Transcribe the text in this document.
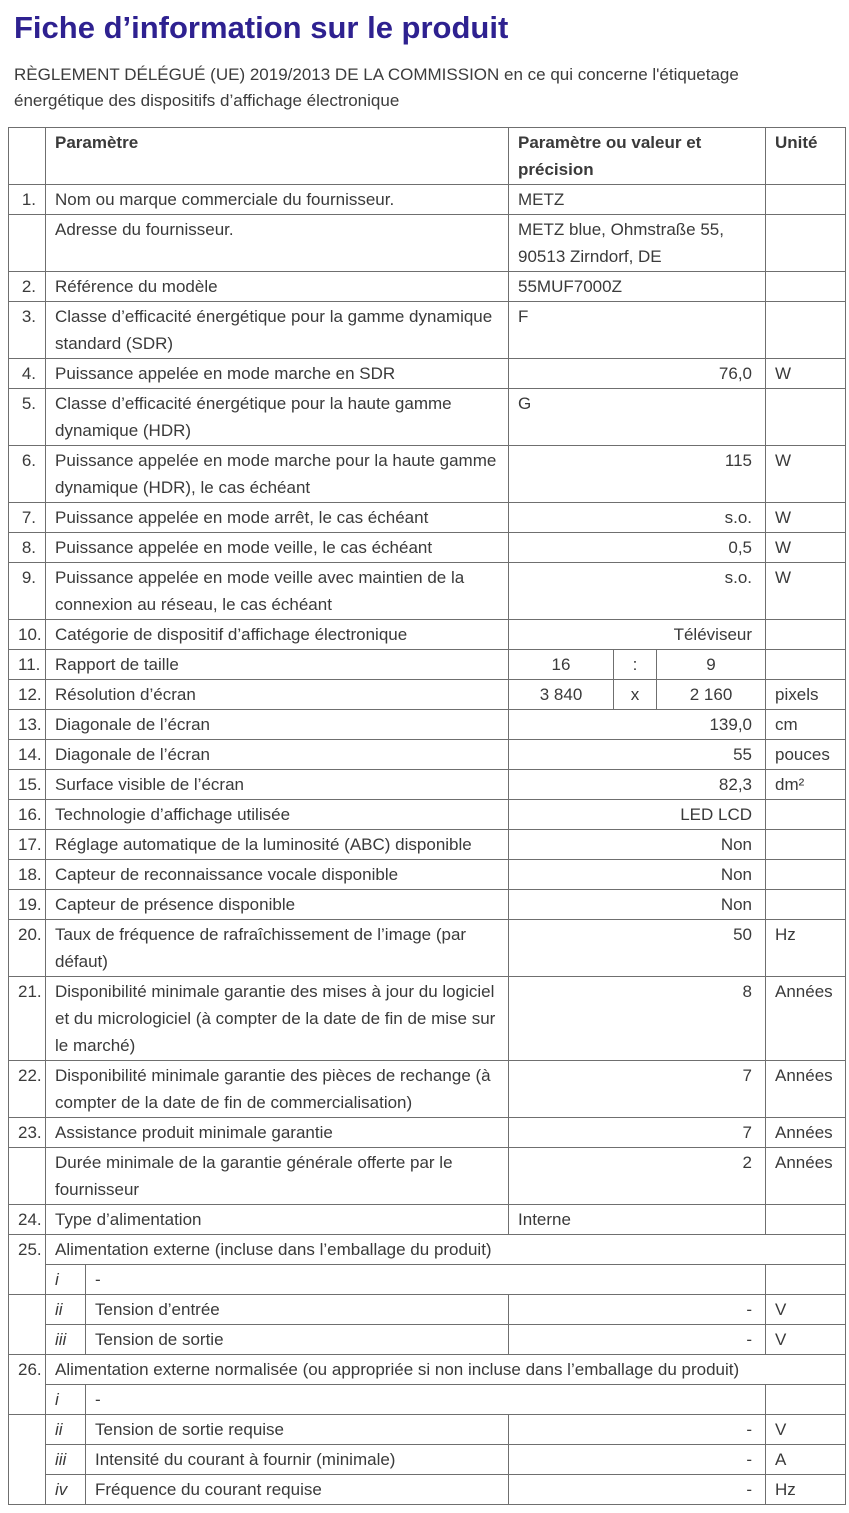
Fiche d’information sur le produit
RÈGLEMENT DÉLÉGUÉ (UE) 2019/2013 DE LA COMMISSION en ce qui concerne l'étiquetage énergétique des dispositifs d’affichage électronique
	Paramètre		Paramètre ou valeur et précision			Unité
1.	Nom ou marque commerciale du fournisseur.		METZ			
	Adresse du fournisseur.		METZ blue, Ohmstraße 55, 90513 Zirndorf, DE			
2.	Référence du modèle		55MUF7000Z			
3.	Classe d’efficacité énergétique pour la gamme dynamique standard (SDR)		F			
4.	Puissance appelée en mode marche en SDR		76,0			W
5.	Classe d’efficacité énergétique pour la haute gamme dynamique (HDR)		G			
6.	Puissance appelée en mode marche pour la haute gamme dynamique (HDR), le cas échéant		115			W
7.	Puissance appelée en mode arrêt, le cas échéant		s.o.			W
8.	Puissance appelée en mode veille, le cas échéant		0,5			W
9.	Puissance appelée en mode veille avec maintien de la connexion au réseau, le cas échéant		s.o.			W
10.	Catégorie de dispositif d’affichage électronique		Téléviseur			
11.	Rapport de taille		16	:	9	
12.	Résolution d’écran		3 840	x	2 160	pixels
13.	Diagonale de l’écran		139,0			cm
14.	Diagonale de l’écran		55			pouces
15.	Surface visible de l’écran		82,3			dm²
16.	Technologie d’affichage utilisée		LED LCD			
17.	Réglage automatique de la luminosité (ABC) disponible		Non			
18.	Capteur de reconnaissance vocale disponible		Non			
19.	Capteur de présence disponible		Non			
20.	Taux de fréquence de rafraîchissement de l’image (par défaut)		50			Hz
21.	Disponibilité minimale garantie des mises à jour du logiciel et du micrologiciel (à compter de la date de fin de mise sur le marché)		8			Années
22.	Disponibilité minimale garantie des pièces de rechange (à compter de la date de fin de commercialisation)		7			Années
23.	Assistance produit minimale garantie		7			Années
	Durée minimale de la garantie générale offerte par le fournisseur		2			Années
24.	Type d’alimentation		Interne			
25.	Alimentation externe (incluse dans l’emballage du produit)					
	i	-				
	ii	Tension d’entrée	-			V
	iii	Tension de sortie	-			V
26.	Alimentation externe normalisée (ou appropriée si non incluse dans l’emballage du produit)					
	i	-				
	ii	Tension de sortie requise	-			V
	iii	Intensité du courant à fournir (minimale)	-			A
	iv	Fréquence du courant requise	-			Hz
